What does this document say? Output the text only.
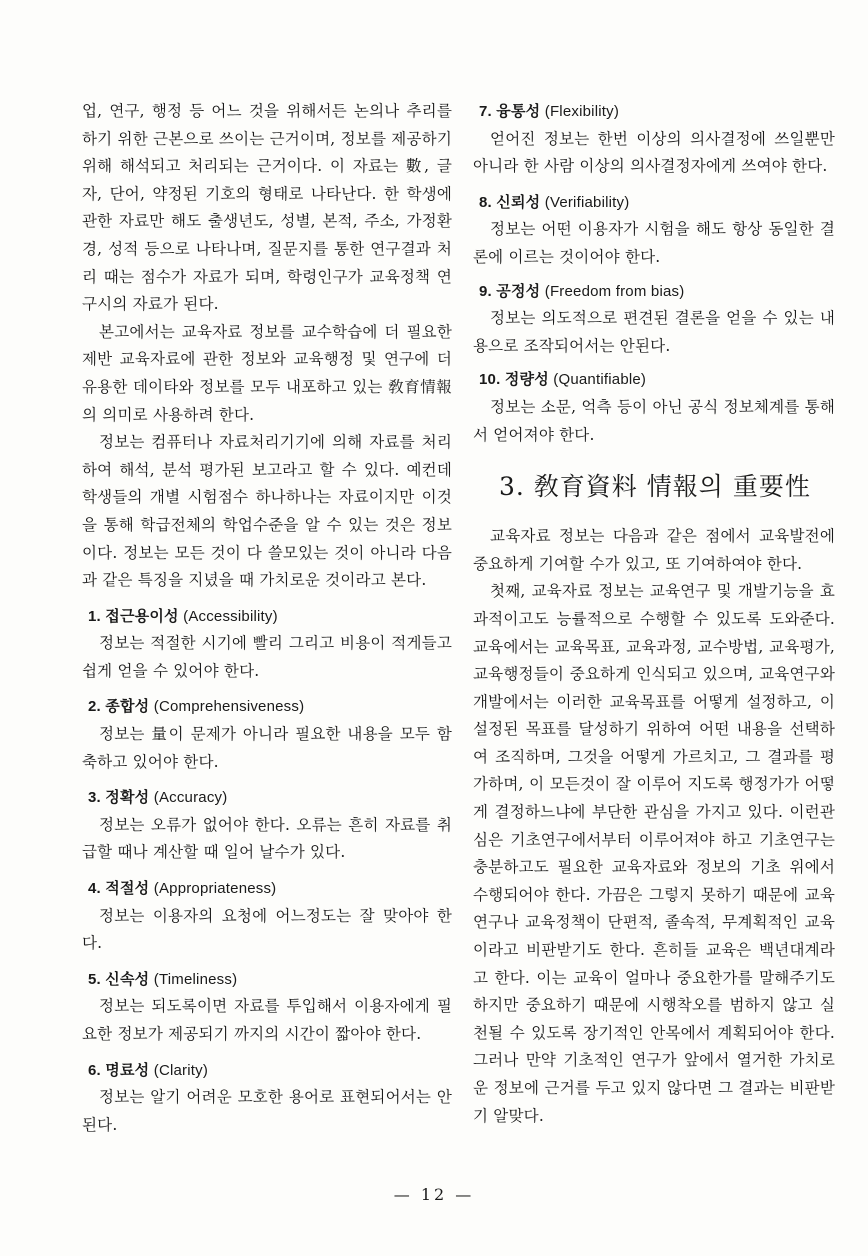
업, 연구, 행정 등 어느 것을 위해서든 논의나 추리를 하기 위한 근본으로 쓰이는 근거이며, 정보를 제공하기 위해 해석되고 처리되는 근거이다. 이 자료는 數, 글자, 단어, 약정된 기호의 형태로 나타난다. 한 학생에 관한 자료만 해도 출생년도, 성별, 본적, 주소, 가정환경, 성적 등으로 나타나며, 질문지를 통한 연구결과 처리 때는 점수가 자료가 되며, 학령인구가 교육정책 연구시의 자료가 된다.

본고에서는 교육자료 정보를 교수학습에 더 필요한 제반 교육자료에 관한 정보와 교육행정 및 연구에 더 유용한 데이타와 정보를 모두 내포하고 있는 敎育情報의 의미로 사용하려 한다.

정보는 컴퓨터나 자료처리기기에 의해 자료를 처리하여 해석, 분석 평가된 보고라고 할 수 있다. 예컨데 학생들의 개별 시험점수 하나하나는 자료이지만 이것을 통해 학급전체의 학업수준을 알 수 있는 것은 정보이다. 정보는 모든 것이 다 쓸모있는 것이 아니라 다음과 같은 특징을 지녔을 때 가치로운 것이라고 본다.

1. 접근용이성 (Accessibility)

정보는 적절한 시기에 빨리 그리고 비용이 적게들고 쉽게 얻을 수 있어야 한다.

2. 종합성 (Comprehensiveness)

정보는 量이 문제가 아니라 필요한 내용을 모두 함축하고 있어야 한다.

3. 정확성 (Accuracy)

정보는 오류가 없어야 한다. 오류는 흔히 자료를 취급할 때나 계산할 때 일어 날수가 있다.

4. 적절성 (Appropriateness)

정보는 이용자의 요청에 어느정도는 잘 맞아야 한다.

5. 신속성 (Timeliness)

정보는 되도록이면 자료를 투입해서 이용자에게 필요한 정보가 제공되기 까지의 시간이 짧아야 한다.

6. 명료성 (Clarity)

정보는 알기 어려운 모호한 용어로 표현되어서는 안된다.

7. 융통성 (Flexibility)

얻어진 정보는 한번 이상의 의사결정에 쓰일뿐만 아니라 한 사람 이상의 의사결정자에게 쓰여야 한다.

8. 신뢰성 (Verifiability)

정보는 어떤 이용자가 시험을 해도 항상 동일한 결론에 이르는 것이어야 한다.

9. 공정성 (Freedom from bias)

정보는 의도적으로 편견된 결론을 얻을 수 있는 내용으로 조작되어서는 안된다.

10. 정량성 (Quantifiable)

정보는 소문, 억측 등이 아닌 공식 정보체계를 통해서 얻어져야 한다.

3. 敎育資料 情報의 重要性

교육자료 정보는 다음과 같은 점에서 교육발전에 중요하게 기여할 수가 있고, 또 기여하여야 한다.

첫째, 교육자료 정보는 교육연구 및 개발기능을 효과적이고도 능률적으로 수행할 수 있도록 도와준다. 교육에서는 교육목표, 교육과정, 교수방법, 교육평가, 교육행정들이 중요하게 인식되고 있으며, 교육연구와 개발에서는 이러한 교육목표를 어떻게 설정하고, 이 설정된 목표를 달성하기 위하여 어떤 내용을 선택하여 조직하며, 그것을 어떻게 가르치고, 그 결과를 평가하며, 이 모든것이 잘 이루어 지도록 행정가가 어떻게 결정하느냐에 부단한 관심을 가지고 있다. 이런관심은 기초연구에서부터 이루어져야 하고 기초연구는 충분하고도 필요한 교육자료와 정보의 기초 위에서 수행되어야 한다. 가끔은 그렇지 못하기 때문에 교육연구나 교육정책이 단편적, 졸속적, 무계획적인 교육이라고 비판받기도 한다. 흔히들 교육은 백년대계라고 한다. 이는 교육이 얼마나 중요한가를 말해주기도 하지만 중요하기 때문에 시행착오를 범하지 않고 실천될 수 있도록 장기적인 안목에서 계획되어야 한다. 그러나 만약 기초적인 연구가 앞에서 열거한 가치로운 정보에 근거를 두고 있지 않다면 그 결과는 비판받기 알맞다.

— 12 —
